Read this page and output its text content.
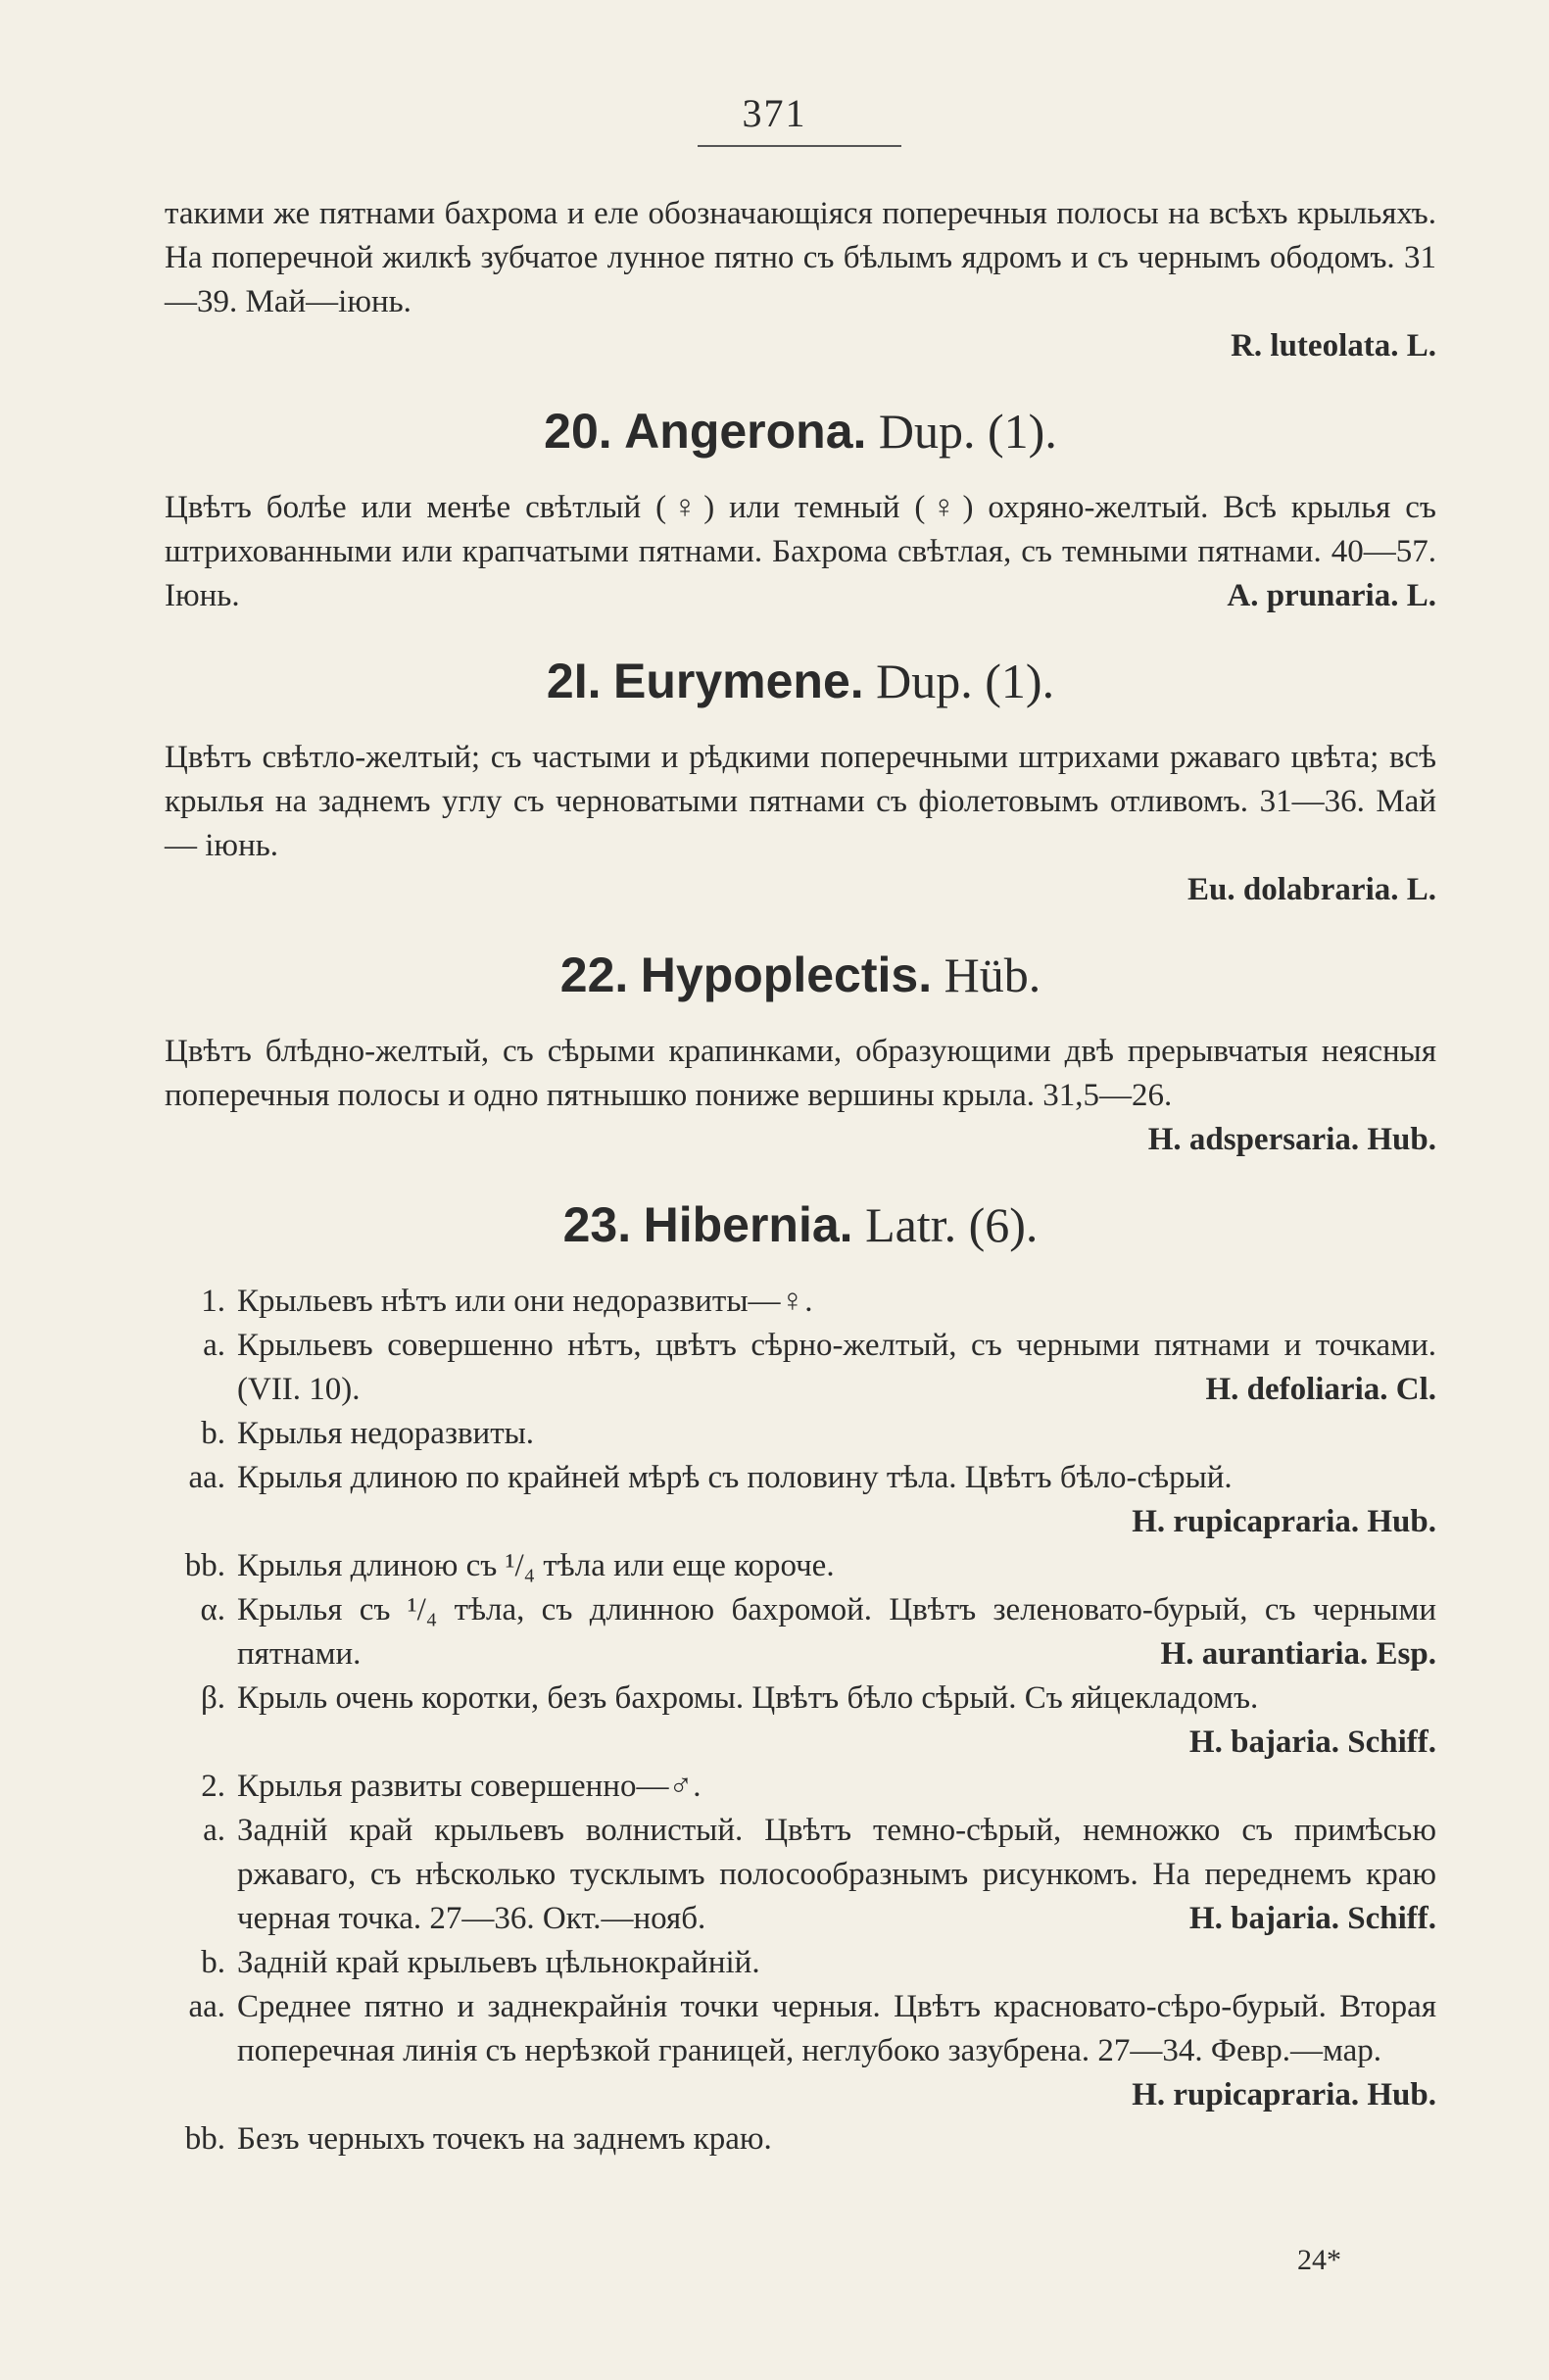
371

такими же пятнами бахрома и еле обозначающіяся поперечныя полосы на всѣхъ крыльяхъ. На поперечной жилкѣ зубчатое лунное пятно съ бѣлымъ ядромъ и съ чернымъ ободомъ. 31—39. Май—іюнь.

R. luteolata. L.

20. Angerona. Dup. (1).

Цвѣтъ болѣе или менѣе свѣтлый (♀) или темный (♀) охряно-желтый. Всѣ крылья съ штрихованными или крапчатыми пятнами. Бахрома свѣтлая, съ темными пятнами. 40—57. Іюнь.	A. prunaria. L.

2I. Eurymene. Dup. (1).

Цвѣтъ свѣтло-желтый; съ частыми и рѣдкими поперечными штрихами ржаваго цвѣта; всѣ крылья на заднемъ углу съ черноватыми пятнами съ фіолетовымъ отливомъ. 31—36. Май — іюнь.

Eu. dolabraria. L.

22. Hypoplectis. Hüb.

Цвѣтъ блѣдно-желтый, съ сѣрыми крапинками, образующими двѣ прерывчатыя неясныя поперечныя полосы и одно пятнышко пониже вершины крыла. 31,5—26.
H. adspersaria. Hub.

23. Hibernia. Latr. (6).
1. Крыльевъ нѣтъ или они недоразвиты—♀.
a. Крыльевъ совершенно нѣтъ, цвѣтъ сѣрно-желтый, съ черными пятнами и точками. (VII. 10).	H. defoliaria. Cl.
b. Крылья недоразвиты.
aa. Крылья длиною по крайней мѣрѣ съ половину тѣла. Цвѣтъ бѣло-сѣрый.
H. rupicapraria. Hub.
bb. Крылья длиною съ ¹/₄ тѣла или еще короче.
α. Крылья съ ¹/₄ тѣла, съ длинною бахромой. Цвѣтъ зеленовато-бурый, съ черными пятнами.	H. aurantiaria. Esp.
β. Крыль очень коротки, безъ бахромы. Цвѣтъ бѣло сѣрый. Съ яйцекладомъ.
H. bajaria. Schiff.
2. Крылья развиты совершенно—♂.
a. Заднiй край крыльевъ волнистый. Цвѣтъ темно-сѣрый, немножко съ примѣсью ржаваго, съ нѣсколько тусклымъ полосообразнымъ рисункомъ. На переднемъ краю черная точка. 27—36. Окт.—нояб.	H. bajaria. Schiff.
b. Заднiй край крыльевъ цѣльнокрайнiй.
aa. Среднее пятно и заднекрайнія точки черныя. Цвѣтъ красновато-сѣро-бурый. Вторая поперечная линія съ нерѣзкой границей, неглубоко зазубрена. 27—34. Февр.—мар.
H. rupicapraria. Hub.
bb. Безъ черныхъ точекъ на заднемъ краю.
24*
